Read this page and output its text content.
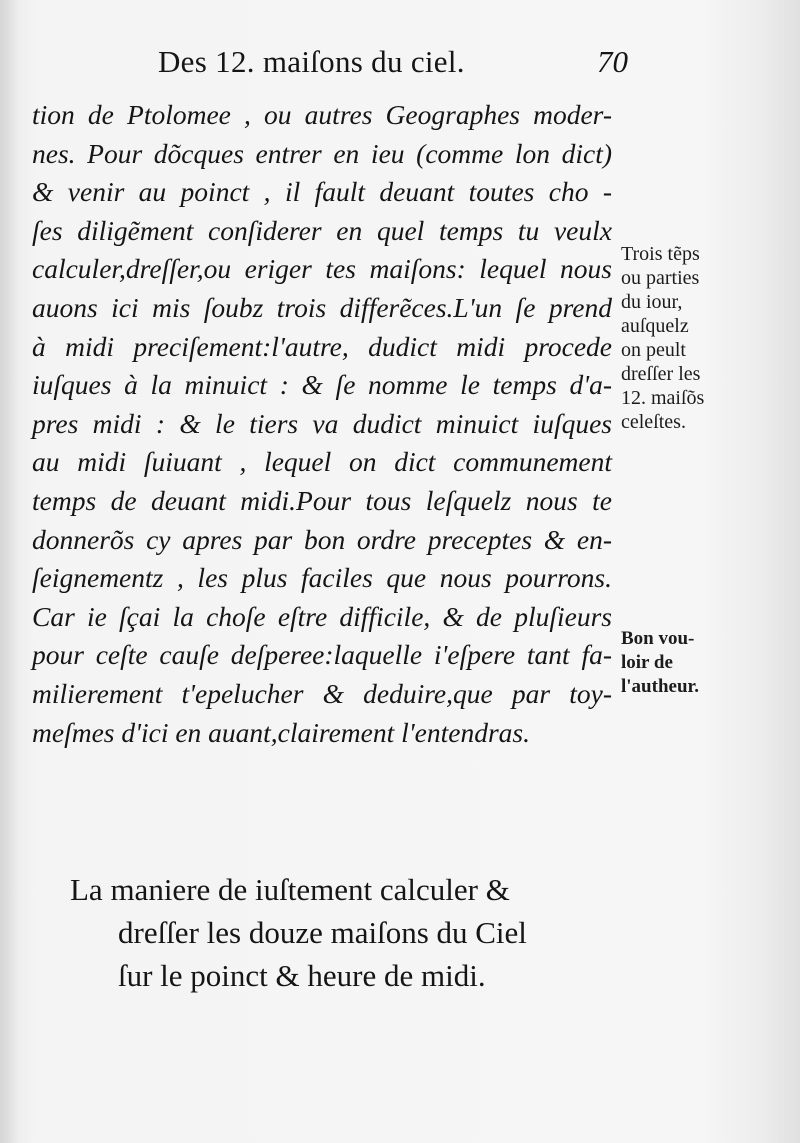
Des 12. maiſons du ciel.	70
tion de Ptolomee , ou autres Geographes moder-
nes. Pour dõcques entrer en ieu (comme lon dict)
& venir au poinct , il fault deuant toutes cho -
ſes diligẽment conſiderer en quel temps tu veulx
calculer,dreſſer,ou eriger tes maiſons: lequel nous
auons ici mis ſoubz trois differẽces.L'un ſe prend
à midi preciſement:l'autre, dudict midi procede
iuſques à la minuict : & ſe nomme le temps d'a-
pres midi : & le tiers va dudict minuict iuſques
au midi ſuiuant , lequel on dict communement
temps de deuant midi.Pour tous leſquelz nous te
donnerõs cy apres par bon ordre preceptes & en-
ſeignementz , les plus faciles que nous pourrons.
Car ie ſçai la choſe eſtre difficile, & de pluſieurs
pour ceſte cauſe deſperee:laquelle i'eſpere tant fa-
milierement t'epelucher & deduire,que par toy-
meſmes d'ici en auant,clairement l'entendras.
Trois tẽps
ou parties
du iour,
auſquelz
on peult
dreſſer les
12. maiſõs
celeſtes.
Bon vou-
loir de
l'autheur.
La maniere de iuſtement calculer &
dreſſer les douze maiſons du Ciel
ſur le poinct & heure de midi.
